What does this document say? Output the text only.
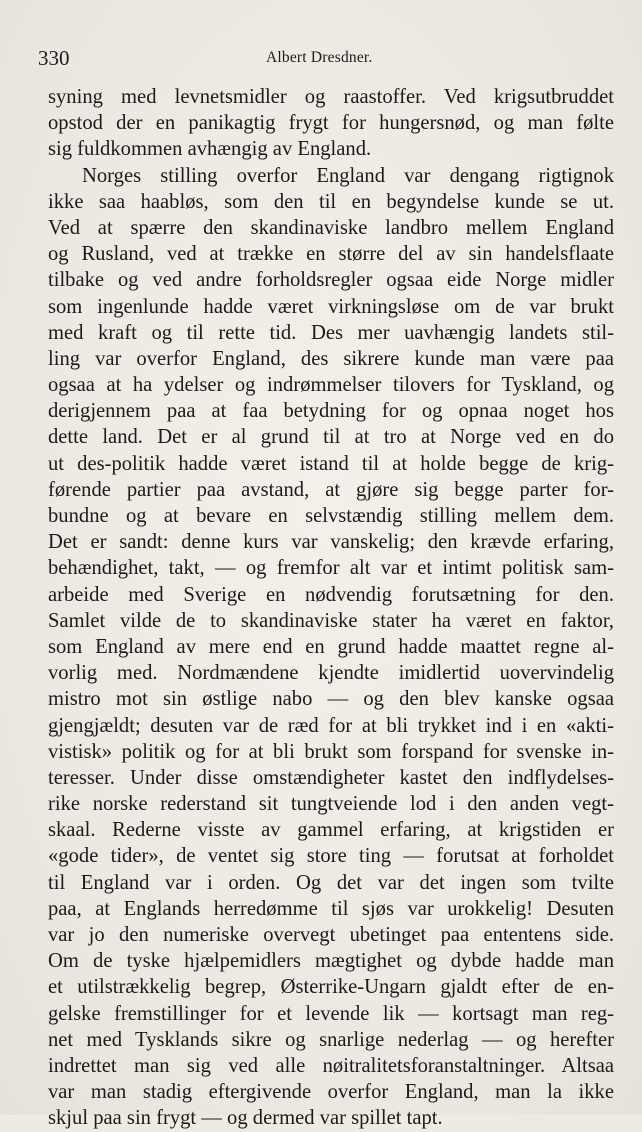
330	Albert Dresdner.
syning med levnetsmidler og raastoffer. Ved krigsutbruddet
opstod der en panikagtig frygt for hungersnød, og man følte
sig fuldkommen avhængig av England.
Norges stilling overfor England var dengang rigtignok
ikke saa haabløs, som den til en begyndelse kunde se ut.
Ved at spærre den skandinaviske landbro mellem England
og Rusland, ved at trække en større del av sin handelsflaate
tilbake og ved andre forholdsregler ogsaa eide Norge midler
som ingenlunde hadde været virkningsløse om de var brukt
med kraft og til rette tid. Des mer uavhængig landets stil-
ling var overfor England, des sikrere kunde man være paa
ogsaa at ha ydelser og indrømmelser tilovers for Tyskland, og
derigjennem paa at faa betydning for og opnaa noget hos
dette land. Det er al grund til at tro at Norge ved en do
ut des-politik hadde været istand til at holde begge de krig-
førende partier paa avstand, at gjøre sig begge parter for-
bundne og at bevare en selvstændig stilling mellem dem.
Det er sandt: denne kurs var vanskelig; den krævde erfaring,
behændighet, takt, — og fremfor alt var et intimt politisk sam-
arbeide med Sverige en nødvendig forutsætning for den.
Samlet vilde de to skandinaviske stater ha været en faktor,
som England av mere end en grund hadde maattet regne al-
vorlig med. Nordmændene kjendte imidlertid uovervindelig
mistro mot sin østlige nabo — og den blev kanske ogsaa
gjengjældt; desuten var de ræd for at bli trykket ind i en «akti-
vistisk» politik og for at bli brukt som forspand for svenske in-
teresser. Under disse omstændigheter kastet den indflydelses-
rike norske rederstand sit tungtveiende lod i den anden vegt-
skaal. Rederne visste av gammel erfaring, at krigstiden er
«gode tider», de ventet sig store ting — forutsat at forholdet
til England var i orden. Og det var det ingen som tvilte
paa, at Englands herredømme til sjøs var urokkelig! Desuten
var jo den numeriske overvegt ubetinget paa ententens side.
Om de tyske hjælpemidlers mægtighet og dybde hadde man
et utilstrækkelig begrep, Østerrike-Ungarn gjaldt efter de en-
gelske fremstillinger for et levende lik — kortsagt man reg-
net med Tysklands sikre og snarlige nederlag — og herefter
indrettet man sig ved alle nøitralitetsforanstaltninger. Altsaa
var man stadig eftergivende overfor England, man la ikke
skjul paa sin frygt — og dermed var spillet tapt.
